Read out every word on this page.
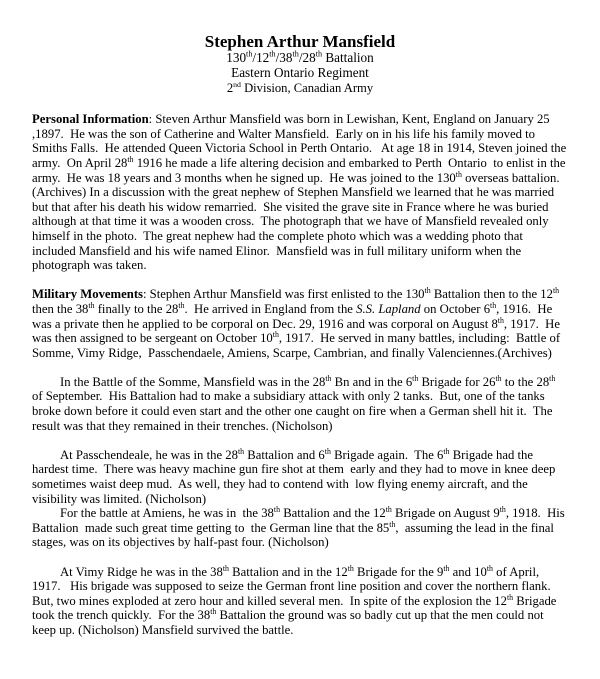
Stephen Arthur Mansfield
130th/12th/38th/28th Battalion
Eastern Ontario Regiment
2nd Division, Canadian Army

Personal Information: Steven Arthur Mansfield was born in Lewishan, Kent, England on January 25 ,1897.  He was the son of Catherine and Walter Mansfield.  Early on in his life his family moved to Smiths Falls.  He attended Queen Victoria School in Perth Ontario.   At age 18 in 1914, Steven joined the army.  On April 28th 1916 he made a life altering decision and embarked to Perth  Ontario  to enlist in the army.  He was 18 years and 3 months when he signed up.  He was joined to the 130th overseas battalion.(Archives) In a discussion with the great nephew of Stephen Mansfield we learned that he was married but that after his death his widow remarried.  She visited the grave site in France where he was buried although at that time it was a wooden cross.  The photograph that we have of Mansfield revealed only himself in the photo.  The great nephew had the complete photo which was a wedding photo that included Mansfield and his wife named Elinor.  Mansfield was in full military uniform when the photograph was taken.

Military Movements: Stephen Arthur Mansfield was first enlisted to the 130th Battalion then to the 12th then the 38th finally to the 28th.  He arrived in England from the S.S. Lapland on October 6th, 1916.  He was a private then he applied to be corporal on Dec. 29, 1916 and was corporal on August 8th, 1917.  He was then assigned to be sergeant on October 10th, 1917.  He served in many battles, including:  Battle of Somme, Vimy Ridge,  Passchendaele, Amiens, Scarpe, Cambrian, and finally Valenciennes.(Archives)

In the Battle of the Somme, Mansfield was in the 28th Bn and in the 6th Brigade for 26th to the 28th of September.  His Battalion had to make a subsidiary attack with only 2 tanks.  But, one of the tanks broke down before it could even start and the other one caught on fire when a German shell hit it.  The result was that they remained in their trenches. (Nicholson)

At Passchendeale, he was in the 28th Battalion and 6th Brigade again.  The 6th Brigade had the hardest time.  There was heavy machine gun fire shot at them  early and they had to move in knee deep sometimes waist deep mud.  As well, they had to contend with  low flying enemy aircraft, and the visibility was limited. (Nicholson)

For the battle at Amiens, he was in  the 38th Battalion and the 12th Brigade on August 9th, 1918.  His Battalion  made such great time getting to  the German line that the 85th,  assuming the lead in the final stages, was on its objectives by half-past four. (Nicholson)

At Vimy Ridge he was in the 38th Battalion and in the 12th Brigade for the 9th and 10th of April, 1917.   His brigade was supposed to seize the German front line position and cover the northern flank.  But, two mines exploded at zero hour and killed several men.  In spite of the explosion the 12th Brigade took the trench quickly.  For the 38th Battalion the ground was so badly cut up that the men could not keep up. (Nicholson) Mansfield survived the battle.
